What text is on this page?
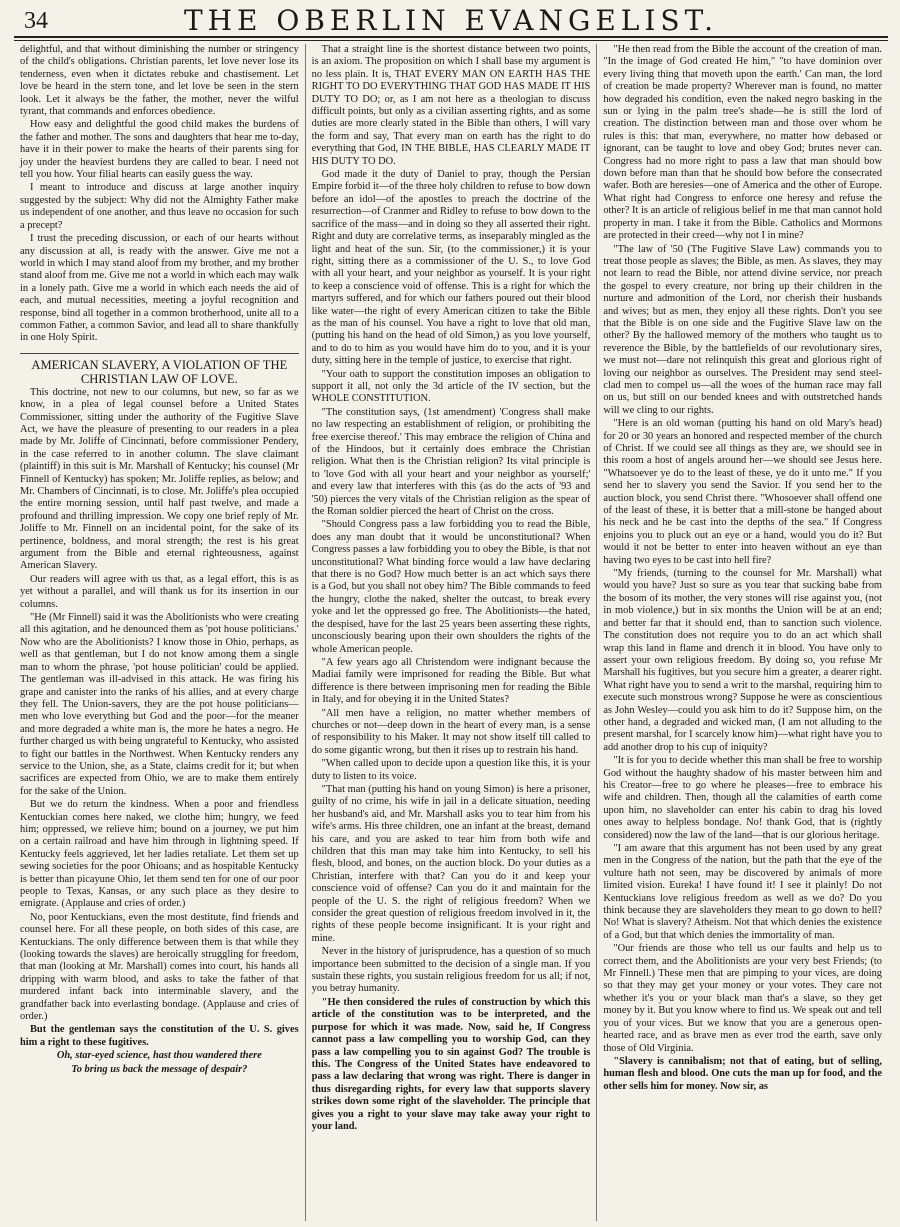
34	THE OBERLIN EVANGELIST.

delightful, and that without diminishing the number or stringency of the child's obligations. Christian parents, let love never lose its tenderness, even when it dictates rebuke and chastisement. Let love be heard in the stern tone, and let love be seen in the stern look. Let it always be the father, the mother, never the wilful tyrant, that commands and enforces obedience.

How easy and delightful the good child makes the burdens of the father and mother. The sons and daughters that hear me to-day, have it in their power to make the hearts of their parents sing for joy under the heaviest burdens they are called to bear. I need not tell you how. Your filial hearts can easily guess the way.

I meant to introduce and discuss at large another inquiry suggested by the subject: Why did not the Almighty Father make us independent of one another, and thus leave no occasion for such a precept?

I trust the preceding discussion, or each of our hearts without any discussion at all, is ready with the answer. Give me not a world in which I may stand aloof from my brother, and my brother stand aloof from me. Give me not a world in which each may walk in a lonely path. Give me a world in which each needs the aid of each, and mutual necessities, meeting a joyful recognition and response, bind all together in a common brotherhood, unite all to a common Father, a common Savior, and lead all to share thankfully in one Holy Spirit.

AMERICAN SLAVERY, A VIOLATION OF THE CHRISTIAN LAW OF LOVE.

This doctrine, not new to our columns, but new, so far as we know, in a plea of legal counsel before a United States Commissioner, sitting under the authority of the Fugitive Slave Act, we have the pleasure of presenting to our readers in a plea made by Mr. Joliffe of Cincinnati, before commissioner Pendery, in the case referred to in another column. The slave claimant (plaintiff) in this suit is Mr. Marshall of Kentucky; his counsel (Mr Finnell of Kentucky) has spoken; Mr. Joliffe replies, as below; and Mr. Chambers of Cincinnati, is to close. Mr. Joliffe's plea occupied the entire morning session, until half past twelve, and made a profound and thrilling impression. We copy one brief reply of Mr. Joliffe to Mr. Finnell on an incidental point, for the sake of its pertinence, boldness, and moral strength; the rest is his great argument from the Bible and eternal righteousness, against American Slavery.

Our readers will agree with us that, as a legal effort, this is as yet without a parallel, and will thank us for its insertion in our columns.

"He (Mr Finnell) said it was the Abolitionists who were creating all this agitation, and he denounced them as 'pot house politicians.' Now who are the Abolitionists? I know those in Ohio, perhaps, as well as that gentleman, but I do not know among them a single man to whom the phrase, 'pot house politician' could be applied. The gentleman was ill-advised in this attack. He was firing his grape and canister into the ranks of his allies, and at every charge they fell. The Union-savers, they are the pot house politicians—men who love everything but God and the poor—for the meaner and more degraded a white man is, the more he hates a negro. He further charged us with being ungrateful to Kentucky, who assisted to fight our battles in the Northwest. When Kentucky renders any service to the Union, she, as a State, claims credit for it; but when sacrifices are expected from Ohio, we are to make them entirely for the sake of the Union.

But we do return the kindness. When a poor and friendless Kentuckian comes here naked, we clothe him; hungry, we feed him; oppressed, we relieve him; bound on a journey, we put him on a certain railroad and have him through in lightning speed. If Kentucky feels aggrieved, let her ladies retaliate. Let them set up sewing societies for the poor Ohioans; and as hospitable Kentucky is better than picayune Ohio, let them send ten for one of our poor people to Texas, Kansas, or any such place as they desire to emigrate. (Applause and cries of order.)

No, poor Kentuckians, even the most destitute, find friends and counsel here. For all these people, on both sides of this case, are Kentuckians. The only difference between them is that while they (looking towards the slaves) are heroically struggling for freedom, that man (looking at Mr. Marshall) comes into court, his hands all dripping with warm blood, and asks to take the father of that murdered infant back into interminable slavery, and the grandfather back into everlasting bondage. (Applause and cries of order.)

But the gentleman says the constitution of the U. S. gives him a right to these fugitives.

Oh, star-eyed science, hast thou wandered there

To bring us back the message of despair?

That a straight line is the shortest distance between two points, is an axiom. The proposition on which I shall base my argument is no less plain. It is, THAT EVERY MAN ON EARTH HAS THE RIGHT TO DO EVERYTHING THAT GOD HAS MADE IT HIS DUTY TO DO; or, as I am not here as a theologian to discuss difficult points, but only as a civilian asserting rights, and as some duties are more clearly stated in the Bible than others, I will vary the form and say, That every man on earth has the right to do everything that God, IN THE BIBLE, HAS CLEARLY MADE IT HIS DUTY TO DO.

God made it the duty of Daniel to pray, though the Persian Empire forbid it—of the three holy children to refuse to bow down before an idol—of the apostles to preach the doctrine of the resurrection—of Cranmer and Ridley to refuse to bow down to the sacrifice of the mass—and in doing so they all asserted their right. Right and duty are correlative terms, as inseparably mingled as the light and heat of the sun. Sir, (to the commissioner,) it is your right, sitting there as a commissioner of the U. S., to love God with all your heart, and your neighbor as yourself. It is your right to keep a conscience void of offense. This is a right for which the martyrs suffered, and for which our fathers poured out their blood like water—the right of every American citizen to take the Bible as the man of his counsel. You have a right to love that old man, (putting his hand on the head of old Simon,) as you love yourself, and to do to him as you would have him do to you, and it is your duty, sitting here in the temple of justice, to exercise that right.

"Your oath to support the constitution imposes an obligation to support it all, not only the 3d article of the IV section, but the WHOLE CONSTITUTION.

"The constitution says, (1st amendment) 'Congress shall make no law respecting an establishment of religion, or prohibiting the free exercise thereof.' This may embrace the religion of China and of the Hindoos, but it certainly does embrace the Christian religion. What then is the Christian religion? Its vital principle is to 'love God with all your heart and your neighbor as yourself;' and every law that interferes with this (as do the acts of '93 and '50) pierces the very vitals of the Christian religion as the spear of the Roman soldier pierced the heart of Christ on the cross.

"Should Congress pass a law forbidding you to read the Bible, does any man doubt that it would be unconstitutional? When Congress passes a law forbidding you to obey the Bible, is that not unconstitutional? What binding force would a law have declaring that there is no God? How much better is an act which says there is a God, but you shall not obey him? The Bible commands to feed the hungry, clothe the naked, shelter the outcast, to break every yoke and let the oppressed go free. The Abolitionists—the hated, the despised, have for the last 25 years been asserting these rights, unconsciously bearing upon their own shoulders the rights of the whole American people.

"A few years ago all Christendom were indignant because the Madiai family were imprisoned for reading the Bible. But what difference is there between imprisoning men for reading the Bible in Italy, and for obeying it in the United States?

"All men have a religion, no matter whether members of churches or not—deep down in the heart of every man, is a sense of responsibility to his Maker. It may not show itself till called to do some gigantic wrong, but then it rises up to restrain his hand.

"When called upon to decide upon a question like this, it is your duty to listen to its voice.

"That man (putting his hand on young Simon) is here a prisoner, guilty of no crime, his wife in jail in a delicate situation, needing her husband's aid, and Mr. Marshall asks you to tear him from his wife's arms. His three children, one an infant at the breast, demand his care, and you are asked to tear him from both wife and children that this man may take him into Kentucky, to sell his flesh, blood, and bones, on the auction block. Do your duties as a Christian, interfere with that? Can you do it and keep your conscience void of offense? Can you do it and maintain for the people of the U. S. the right of religious freedom? When we consider the great question of religious freedom involved in it, the rights of these people become insignificant. It is your right and mine.

Never in the history of jurisprudence, has a question of so much importance been submitted to the decision of a single man. If you sustain these rights, you sustain religious freedom for us all; if not, you betray humanity.

"He then considered the rules of construction by which this article of the constitution was to be interpreted, and the purpose for which it was made. Now, said he, If Congress cannot pass a law compelling you to worship God, can they pass a law compelling you to sin against God? The trouble is this. The Congress of the United States have endeavored to pass a law declaring that wrong was right. There is danger in thus disregarding rights, for every law that supports slavery strikes down some right of the slaveholder. The principle that gives you a right to your slave may take away your right to your land.

"He then read from the Bible the account of the creation of man. "In the image of God created He him," "to have dominion over every living thing that moveth upon the earth.' Can man, the lord of creation be made property? Wherever man is found, no matter how degraded his condition, even the naked negro basking in the sun or lying in the palm tree's shade—he is still the lord of creation. The distinction between man and those over whom he rules is this: that man, everywhere, no matter how debased or ignorant, can be taught to love and obey God; brutes never can. Congress had no more right to pass a law that man should bow down before man than that he should bow before the consecrated wafer. Both are heresies—one of America and the other of Europe. What right had Congress to enforce one heresy and refuse the other? It is an article of religious belief in me that man cannot hold property in man. I take it from the Bible. Catholics and Mormons are protected in their creed—why not I in mine?

"The law of '50 (The Fugitive Slave Law) commands you to treat those people as slaves; the Bible, as men. As slaves, they may not learn to read the Bible, nor attend divine service, nor preach the gospel to every creature, nor bring up their children in the nurture and admonition of the Lord, nor cherish their husbands and wives; but as men, they enjoy all these rights. Don't you see that the Bible is on one side and the Fugitive Slave law on the other? By the hallowed memory of the mothers who taught us to reverence the Bible, by the battlefields of our revolutionary sires, we must not—dare not relinquish this great and glorious right of loving our neighbor as ourselves. The President may send steel-clad men to compel us—all the woes of the human race may fall on us, but still on our bended knees and with outstretched hands will we cling to our rights.

"Here is an old woman (putting his hand on old Mary's head) for 20 or 30 years an honored and respected member of the church of Christ. If we could see all things as they are, we should see in this room a host of angels around her—we should see Jesus here. "Whatsoever ye do to the least of these, ye do it unto me." If you send her to slavery you send the Savior. If you send her to the auction block, you send Christ there. "Whosoever shall offend one of the least of these, it is better that a mill-stone be hanged about his neck and he be cast into the depths of the sea." If Congress enjoins you to pluck out an eye or a hand, would you do it? But would it not be better to enter into heaven without an eye than having two eyes to be cast into hell fire?

"My friends, (turning to the counsel for Mr. Marshall) what would you have? Just so sure as you tear that sucking babe from the bosom of its mother, the very stones will rise against you, (not in mob violence,) but in six months the Union will be at an end; and better far that it should end, than to sanction such violence. The constitution does not require you to do an act which shall wrap this land in flame and drench it in blood. You have only to assert your own religious freedom. By doing so, you refuse Mr Marshall his fugitives, but you secure him a greater, a dearer right. What right have you to send a writ to the marshal, requiring him to execute such monstrous wrong? Suppose he were as conscientious as John Wesley—could you ask him to do it? Suppose him, on the other hand, a degraded and wicked man, (I am not alluding to the present marshal, for I scarcely know him)—what right have you to add another drop to his cup of iniquity?

"It is for you to decide whether this man shall be free to worship God without the haughty shadow of his master between him and his Creator—free to go where he pleases—free to embrace his wife and children. Then, though all the calamities of earth come upon him, no slaveholder can enter his cabin to drag his loved ones away to helpless bondage. No! thank God, that is (rightly considered) now the law of the land—that is our glorious heritage.

"I am aware that this argument has not been used by any great men in the Congress of the nation, but the path that the eye of the vulture hath not seen, may be discovered by animals of more limited vision. Eureka! I have found it! I see it plainly! Do not Kentuckians love religious freedom as well as we do? Do you think because they are slaveholders they mean to go down to hell? No! What is slavery? Atheism. Not that which denies the existence of a God, but that which denies the immortality of man.

"Our friends are those who tell us our faults and help us to correct them, and the Abolitionists are your very best Friends; (to Mr Finnell.) These men that are pimping to your vices, are doing so that they may get your money or your votes. They care not whether it's you or your black man that's a slave, so they get money by it. But you know where to find us. We speak out and tell you of your vices. But we know that you are a generous open-hearted race, and as brave men as ever trod the earth, save only those of Old Virginia.

"Slavery is cannibalism; not that of eating, but of selling, human flesh and blood. One cuts the man up for food, and the other sells him for money. Now sir, as
